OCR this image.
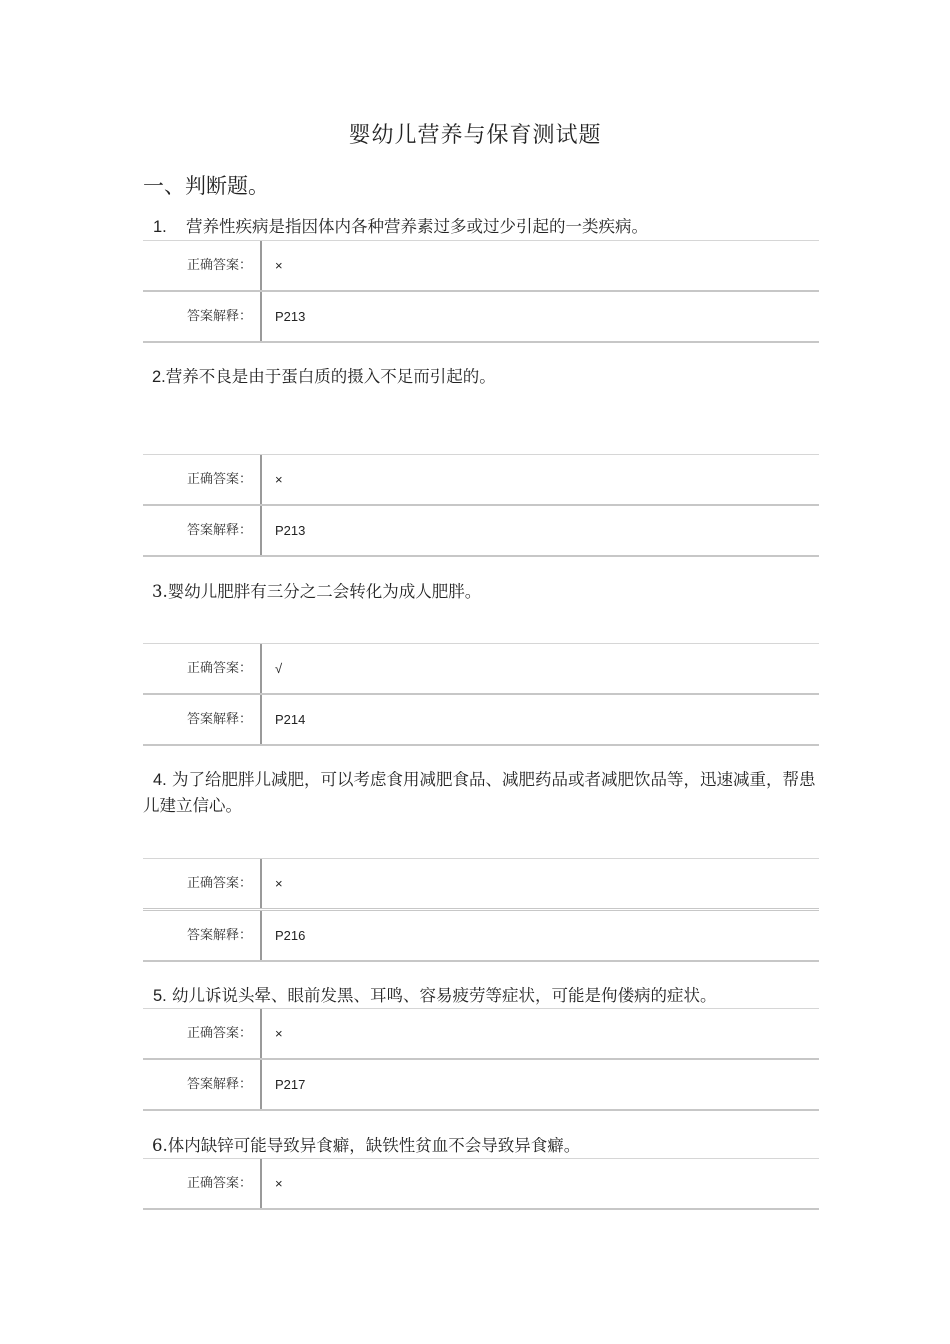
婴幼儿营养与保育测试题
一、判断题。
1. 营养性疾病是指因体内各种营养素过多或过少引起的一类疾病。
正确答案：	×
答案解释：	P213
2.营养不良是由于蛋白质的摄入不足而引起的。
正确答案：	×
答案解释：	P213
3.婴幼儿肥胖有三分之二会转化为成人肥胖。
正确答案：	√
答案解释：	P214
4. 为了给肥胖儿减肥，可以考虑食用减肥食品、减肥药品或者减肥饮品等，迅速减重，帮患儿建立信心。
正确答案：	×
答案解释：	P216
5. 幼儿诉说头晕、眼前发黑、耳鸣、容易疲劳等症状，可能是佝偻病的症状。
正确答案：	×
答案解释：	P217
6.体内缺锌可能导致异食癖，缺铁性贫血不会导致异食癖。
正确答案：	×
